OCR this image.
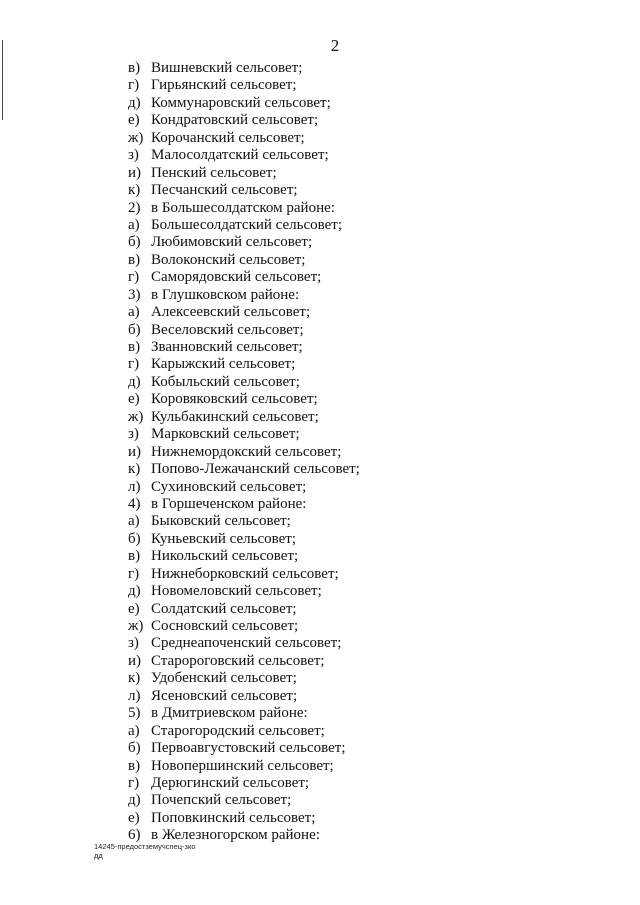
2
в) Вишневский сельсовет;
г) Гирьянский сельсовет;
д) Коммунаровский сельсовет;
е) Кондратовский сельсовет;
ж) Корочанский сельсовет;
з) Малосолдатский сельсовет;
и) Пенский сельсовет;
к) Песчанский сельсовет;
2) в Большесолдатском районе:
а) Большесолдатский сельсовет;
б) Любимовский сельсовет;
в) Волоконский сельсовет;
г) Саморядовский сельсовет;
3) в Глушковском районе:
а) Алексеевский сельсовет;
б) Веселовский сельсовет;
в) Званновский сельсовет;
г) Карыжский сельсовет;
д) Кобыльский сельсовет;
е) Коровяковский сельсовет;
ж) Кульбакинский сельсовет;
з) Марковский сельсовет;
и) Нижнемордокский сельсовет;
к) Попово-Лежачанский сельсовет;
л) Сухиновский сельсовет;
4) в Горшеченском районе:
а) Быковский сельсовет;
б) Куньевский сельсовет;
в) Никольский сельсовет;
г) Нижнеборковский сельсовет;
д) Новомеловский сельсовет;
е) Солдатский сельсовет;
ж) Сосновский сельсовет;
з) Среднеапоченский сельсовет;
и) Старороговский сельсовет;
к) Удобенский сельсовет;
л) Ясеновский сельсовет;
5) в Дмитриевском районе:
а) Старогородский сельсовет;
б) Первоавгустовский сельсовет;
в) Новопершинский сельсовет;
г) Дерюгинский сельсовет;
д) Почепский сельсовет;
е) Поповкинский сельсовет;
6) в Железногорском районе:
14245-предостземучспец-зко
дд
